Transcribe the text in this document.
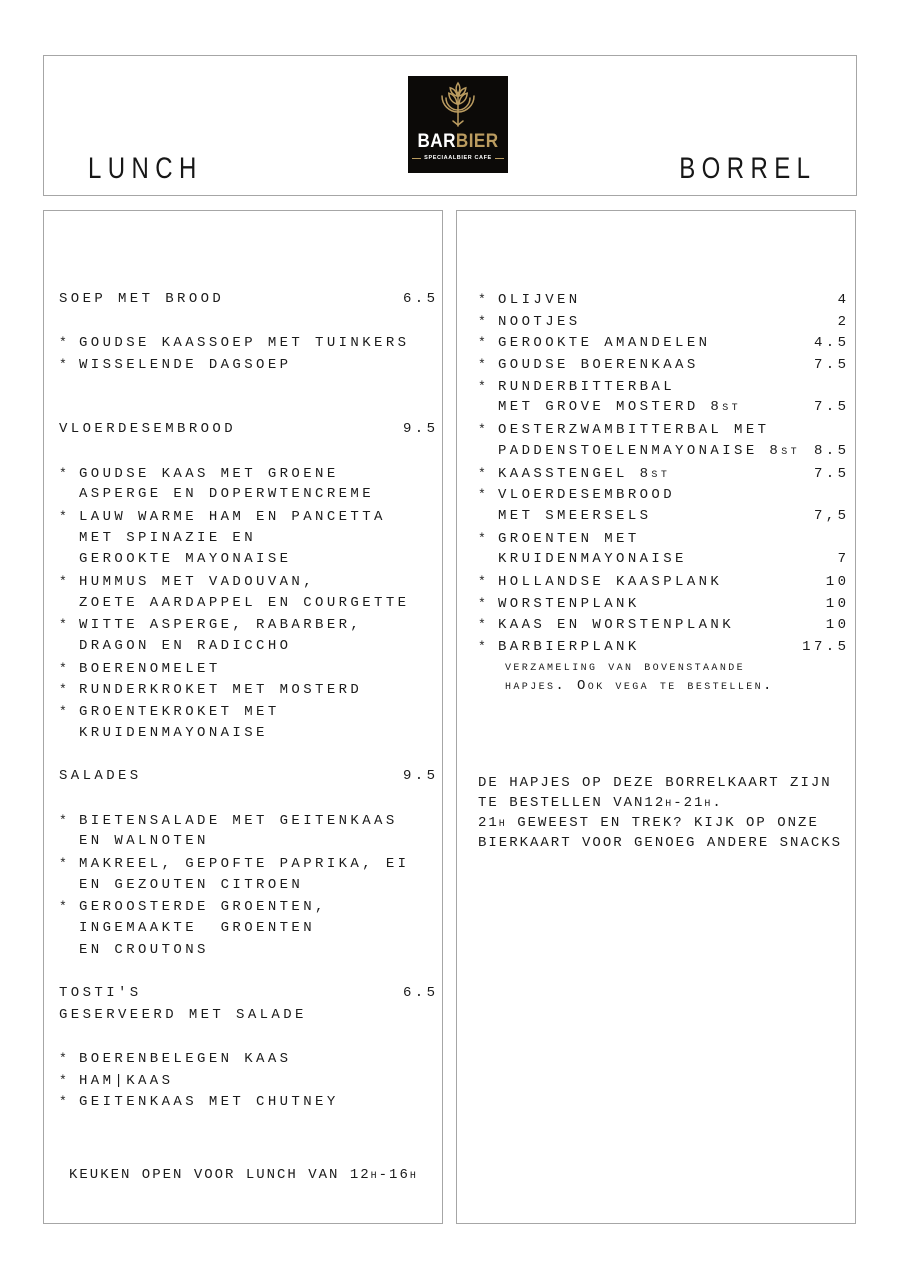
LUNCH
BARBIER
SPECIAALBIER CAFE	BORREL
SOEP MET BROOD	6.5
* GOUDSE KAASSOEP MET TUINKERS
* WISSELENDE DAGSOEP
VLOERDESEMBROOD	9.5
* GOUDSE KAAS MET GROENE
ASPERGE EN DOPERWTENCREME
* LAUW WARME HAM EN PANCETTA
MET SPINAZIE EN
GEROOKTE MAYONAISE
* HUMMUS MET VADOUVAN,
ZOETE AARDAPPEL EN COURGETTE
* WITTE ASPERGE, RABARBER,
DRAGON EN RADICCHO
* BOERENOMELET
* RUNDERKROKET MET MOSTERD
* GROENTEKROKET MET
KRUIDENMAYONAISE
SALADES	9.5
* BIETENSALADE MET GEITENKAAS
EN WALNOTEN
* MAKREEL, GEPOFTE PAPRIKA, EI
EN GEZOUTEN CITROEN
* GEROOSTERDE GROENTEN,
INGEMAAKTE  GROENTEN
EN CROUTONS
TOSTI'S	6.5
GESERVEERD MET SALADE
* BOERENBELEGEN KAAS
* HAM|KAAS
* GEITENKAAS MET CHUTNEY
KEUKEN OPEN VOOR LUNCH VAN 12h-16h
* OLIJVEN	4
* NOOTJES	2
* GEROOKTE AMANDELEN	4.5
* GOUDSE BOERENKAAS	7.5
* RUNDERBITTERBAL
MET GROVE MOSTERD 8st	7.5
* OESTERZWAMBITTERBAL MET
PADDENSTOELENMAYONAISE 8st 8.5
* KAASSTENGEL 8st	7.5
* VLOERDESEMBROOD
MET SMEERSELS	7,5
* GROENTEN MET
KRUIDENMAYONAISE	7
* HOLLANDSE KAASPLANK	10
* WORSTENPLANK	10
* KAAS EN WORSTENPLANK	10
* BARBIERPLANK	17.5
verzameling van bovenstaande
hapjes. Ook vega te bestellen.
DE HAPJES OP DEZE BORRELKAART ZIJN
TE BESTELLEN VAN12h-21h.
21h GEWEEST EN TREK? KIJK OP ONZE
BIERKAART VOOR GENOEG ANDERE SNACKS
